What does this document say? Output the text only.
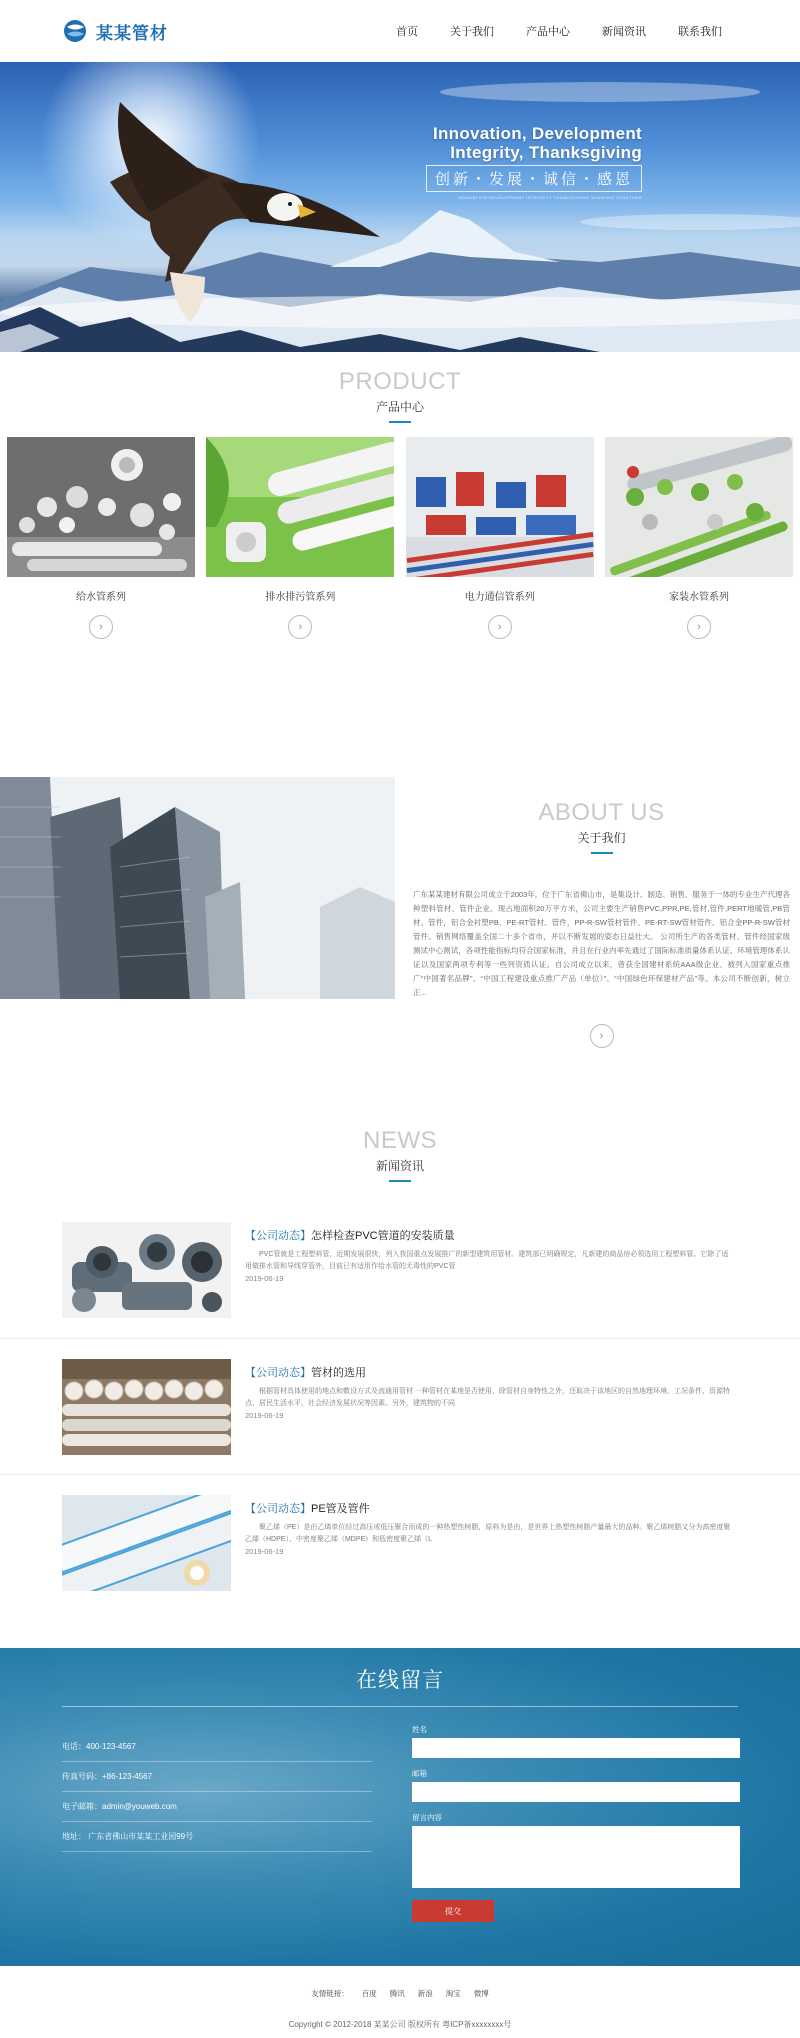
某某管材	首页	关于我们	产品中心	新闻资讯	联系我们
Innovation, Development
Integrity, Thanksgiving
创新・发展・诚信・感恩
INNOVATION DEVELOPMENT INTEGRITY THANKSGIVING WORKING TOGETHER
PRODUCT
产品中心
给水管系列
›
排水排污管系列
›
电力通信管系列
›
家装水管系列
›
ABOUT US
关于我们
广东某某建材有限公司成立于2003年，位于广东省佛山市，是集设计、制造、销售、服务于一体的专业生产代理各种塑料管材、管件企业。现占地面积20万平方米，公司主要生产销售PVC,PPR,PE,管材,管件,PERT地暖管,PB管材、管件，铝合金衬塑PB、PE-RT管材、管件，PP-R-SW管材管件、PE-RT-SW管材管件、铝合金PP-R-SW管材管件。销售网络覆盖全国二十多个省市，并以不断发展的姿态日益壮大。 公司所生产的各类管材、管件经国家级测试中心测试，各项性能指标均符合国家标准，并且在行业内率先通过了国际标准质量体系认证、环境管理体系认证以及国家两项专利等一些列资质认证。自公司成立以来，曾获全国建材系统AAA级企业、被列入国家重点推广“中国著名品牌”、“中国工程建设重点推广产品（单位）”、“中国绿色环保建材产品”等。本公司不断创新，树立正...
›
NEWS
新闻资讯
【公司动态】怎样检查PVC管道的安装质量
PVC管就是工程塑料管，近期发展很快，列入我国重点发展推广的新型建筑用管材。建筑部已明确规定，凡新建的商品房必须选用工程塑料管。它除了适用做排水管和导线穿管外，目前已有适用作给水管的无毒性的PVC管
2019-06-19
【公司动态】管材的选用
根据管材具体使用的地点和敷设方式及流通用管材 一种管材在某地是否使用，除管材自身特性之外，还取决于该地区的自然地理环境、工况条件、资源特点、居民生活水平、社会经济发展状况等因素。另外，建筑物的不同
2019-06-19
【公司动态】PE管及管件
聚乙烯（PE）是由乙烯单位经过高压或低压聚合而成的一种热塑性树脂，原料为是由，是世界上热塑性树脂产量最大的品种。聚乙烯树脂又分为高密度聚乙烯（HDPE）、中密度聚乙烯（MDPE）和低密度聚乙烯（L
2019-06-19
在线留言
电话：400-123-4567
传真号码：+86-123-4567
电子邮箱：admin@youweb.com
地址： 广东省佛山市某某工业园99号
姓名
邮箱
留言内容
提交
友情链接： 百度 腾讯 新浪 淘宝 微博
Copyright © 2012-2018 某某公司 版权所有 粤ICP备xxxxxxxx号
